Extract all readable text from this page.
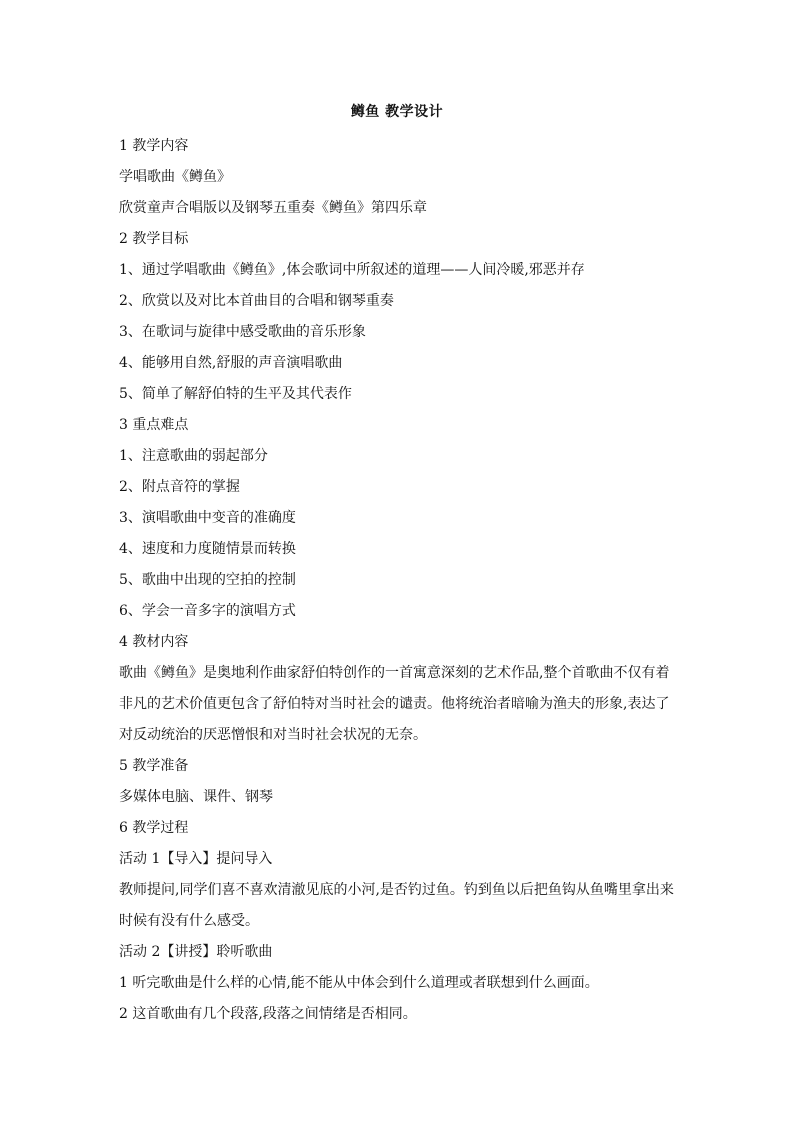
鳟鱼 教学设计
1 教学内容
学唱歌曲《鳟鱼》
欣赏童声合唱版以及钢琴五重奏《鳟鱼》第四乐章
2 教学目标
1、通过学唱歌曲《鳟鱼》,体会歌词中所叙述的道理——人间冷暖,邪恶并存
2、欣赏以及对比本首曲目的合唱和钢琴重奏
3、在歌词与旋律中感受歌曲的音乐形象
4、能够用自然,舒服的声音演唱歌曲
5、简单了解舒伯特的生平及其代表作
3 重点难点
1、注意歌曲的弱起部分
2、附点音符的掌握
3、演唱歌曲中变音的准确度
4、速度和力度随情景而转换
5、歌曲中出现的空拍的控制
6、学会一音多字的演唱方式
4 教材内容
歌曲《鳟鱼》是奥地利作曲家舒伯特创作的一首寓意深刻的艺术作品,整个首歌曲不仅有着
非凡的艺术价值更包含了舒伯特对当时社会的谴责。他将统治者暗喻为渔夫的形象,表达了
对反动统治的厌恶憎恨和对当时社会状况的无奈。
5 教学准备
多媒体电脑、课件、钢琴
6 教学过程
活动 1【导入】提问导入
教师提问,同学们喜不喜欢清澈见底的小河,是否钓过鱼。钓到鱼以后把鱼钩从鱼嘴里拿出来
时候有没有什么感受。
活动 2【讲授】聆听歌曲
1 听完歌曲是什么样的心情,能不能从中体会到什么道理或者联想到什么画面。
2 这首歌曲有几个段落,段落之间情绪是否相同。
